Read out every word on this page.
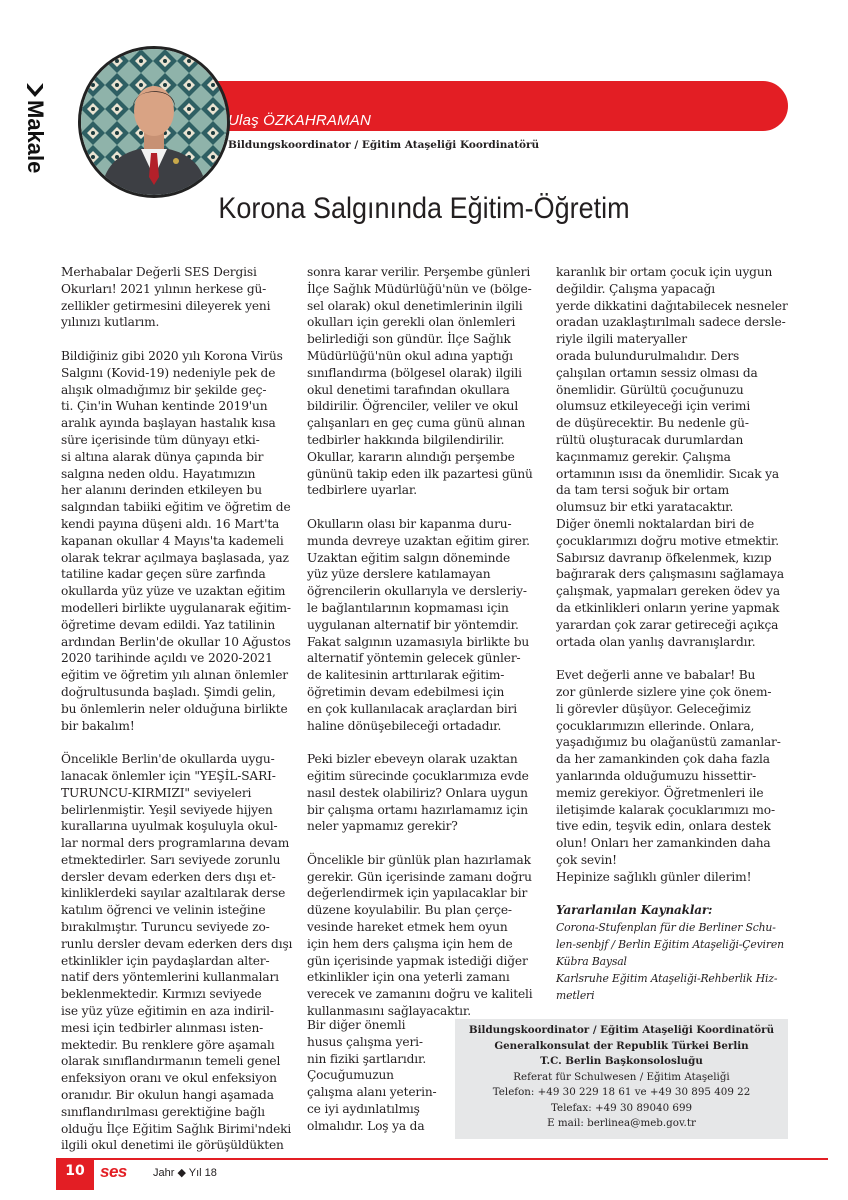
Makale	Ulaş ÖZKAHRAMAN
Bildungskoordinator / Eğitim Ataşeliği Koordinatörü
Korona Salgınında Eğitim-Öğretim
Merhabalar Değerli SES Dergisi
Okurları! 2021 yılının herkese gü-
zellikler getirmesini dileyerek yeni
yılınızı kutlarım.
Bildiğiniz gibi 2020 yılı Korona Virüs
Salgını (Kovid-19) nedeniyle pek de
alışık olmadığımız bir şekilde geç-
ti. Çin'in Wuhan kentinde 2019'un
aralık ayında başlayan hastalık kısa
süre içerisinde tüm dünyayı etki-
si altına alarak dünya çapında bir
salgına neden oldu. Hayatımızın
her alanını derinden etkileyen bu
salgından tabiiki eğitim ve öğretim de
kendi payına düşeni aldı. 16 Mart'ta
kapanan okullar 4 Mayıs'ta kademeli
olarak tekrar açılmaya başlasada, yaz
tatiline kadar geçen süre zarfında
okullarda yüz yüze ve uzaktan eğitim
modelleri birlikte uygulanarak eğitim-
öğretime devam edildi. Yaz tatilinin
ardından Berlin'de okullar 10 Ağustos
2020 tarihinde açıldı ve 2020-2021
eğitim ve öğretim yılı alınan önlemler
doğrultusunda başladı. Şimdi gelin,
bu önlemlerin neler olduğuna birlikte
bir bakalım!
Öncelikle Berlin'de okullarda uygu-
lanacak önlemler için "YEŞİL-SARI-
TURUNCU-KIRMIZI" seviyeleri
belirlenmiştir. Yeşil seviyede hijyen
kurallarına uyulmak koşuluyla okul-
lar normal ders programlarına devam
etmektedirler. Sarı seviyede zorunlu
dersler devam ederken ders dışı et-
kinliklerdeki sayılar azaltılarak derse
katılım öğrenci ve velinin isteğine
bırakılmıştır. Turuncu seviyede zo-
runlu dersler devam ederken ders dışı
etkinlikler için paydaşlardan alter-
natif ders yöntemlerini kullanmaları
beklenmektedir. Kırmızı seviyede
ise yüz yüze eğitimin en aza indiril-
mesi için tedbirler alınması isten-
mektedir. Bu renklere göre aşamalı
olarak sınıflandırmanın temeli genel
enfeksiyon oranı ve okul enfeksiyon
oranıdır. Bir okulun hangi aşamada
sınıflandırılması gerektiğine bağlı
olduğu İlçe Eğitim Sağlık Birimi'ndeki
ilgili okul denetimi ile görüşüldükten
sonra karar verilir. Perşembe günleri
İlçe Sağlık Müdürlüğü'nün ve (bölge-
sel olarak) okul denetimlerinin ilgili
okulları için gerekli olan önlemleri
belirlediği son gündür. İlçe Sağlık
Müdürlüğü'nün okul adına yaptığı
sınıflandırma (bölgesel olarak) ilgili
okul denetimi tarafından okullara
bildirilir. Öğrenciler, veliler ve okul
çalışanları en geç cuma günü alınan
tedbirler hakkında bilgilendirilir.
Okullar, kararın alındığı perşembe
gününü takip eden ilk pazartesi günü
tedbirlere uyarlar.
Okulların olası bir kapanma duru-
munda devreye uzaktan eğitim girer.
Uzaktan eğitim salgın döneminde
yüz yüze derslere katılamayan
öğrencilerin okullarıyla ve dersleriy-
le bağlantılarının kopmaması için
uygulanan alternatif bir yöntemdir.
Fakat salgının uzamasıyla birlikte bu
alternatif yöntemin gelecek günler-
de kalitesinin arttırılarak eğitim-
öğretimin devam edebilmesi için
en çok kullanılacak araçlardan biri
haline dönüşebileceği ortadadır.
Peki bizler ebeveyn olarak uzaktan
eğitim sürecinde çocuklarımıza evde
nasıl destek olabiliriz? Onlara uygun
bir çalışma ortamı hazırlamamız için
neler yapmamız gerekir?
Öncelikle bir günlük plan hazırlamak
gerekir. Gün içerisinde zamanı doğru
değerlendirmek için yapılacaklar bir
düzene koyulabilir. Bu plan çerçe-
vesinde hareket etmek hem oyun
için hem ders çalışma için hem de
gün içerisinde yapmak istediği diğer
etkinlikler için ona yeterli zamanı
verecek ve zamanını doğru ve kaliteli
kullanmasını sağlayacaktır.
Bir diğer önemli
husus çalışma yeri-
nin fiziki şartlarıdır.
Çocuğumuzun
çalışma alanı yeterin-
ce iyi aydınlatılmış
olmalıdır. Loş ya da
karanlık bir ortam çocuk için uygun
değildir. Çalışma yapacağı
yerde dikkatini dağıtabilecek nesneler
oradan uzaklaştırılmalı sadece dersle-
riyle ilgili materyaller
orada bulundurulmalıdır. Ders
çalışılan ortamın sessiz olması da
önemlidir. Gürültü çocuğunuzu
olumsuz etkileyeceği için verimi
de düşürecektir. Bu nedenle gü-
rültü oluşturacak durumlardan
kaçınmamız gerekir. Çalışma
ortamının ısısı da önemlidir. Sıcak ya
da tam tersi soğuk bir ortam
olumsuz bir etki yaratacaktır.
Diğer önemli noktalardan biri de
çocuklarımızı doğru motive etmektir.
Sabırsız davranıp öfkelenmek, kızıp
bağırarak ders çalışmasını sağlamaya
çalışmak, yapmaları gereken ödev ya
da etkinlikleri onların yerine yapmak
yarardan çok zarar getireceği açıkça
ortada olan yanlış davranışlardır.
Evet değerli anne ve babalar! Bu
zor günlerde sizlere yine çok önem-
li görevler düşüyor. Geleceğimiz
çocuklarımızın ellerinde. Onlara,
yaşadığımız bu olağanüstü zamanlar-
da her zamankinden çok daha fazla
yanlarında olduğumuzu hissettir-
memiz gerekiyor. Öğretmenleri ile
iletişimde kalarak çocuklarımızı mo-
tive edin, teşvik edin, onlara destek
olun! Onları her zamankinden daha
çok sevin!
Hepinize sağlıklı günler dilerim!
Yararlanılan Kaynaklar:
Corona-Stufenplan für die Berliner Schu-
len-senbjf / Berlin Eğitim Ataşeliği-Çeviren
Kübra Baysal
Karlsruhe Eğitim Ataşeliği-Rehberlik Hiz-
metleri
Bildungskoordinator / Eğitim Ataşeliği Koordinatörü
Generalkonsulat der Republik Türkei Berlin
T.C. Berlin Başkonsolosluğu
Referat für Schulwesen / Eğitim Ataşeliği
Telefon: +49 30 229 18 61 ve +49 30 895 409 22
Telefax: +49 30 89040 699
E mail: berlinea@meb.gov.tr
10 ses Jahr ◆ Yıl 18
